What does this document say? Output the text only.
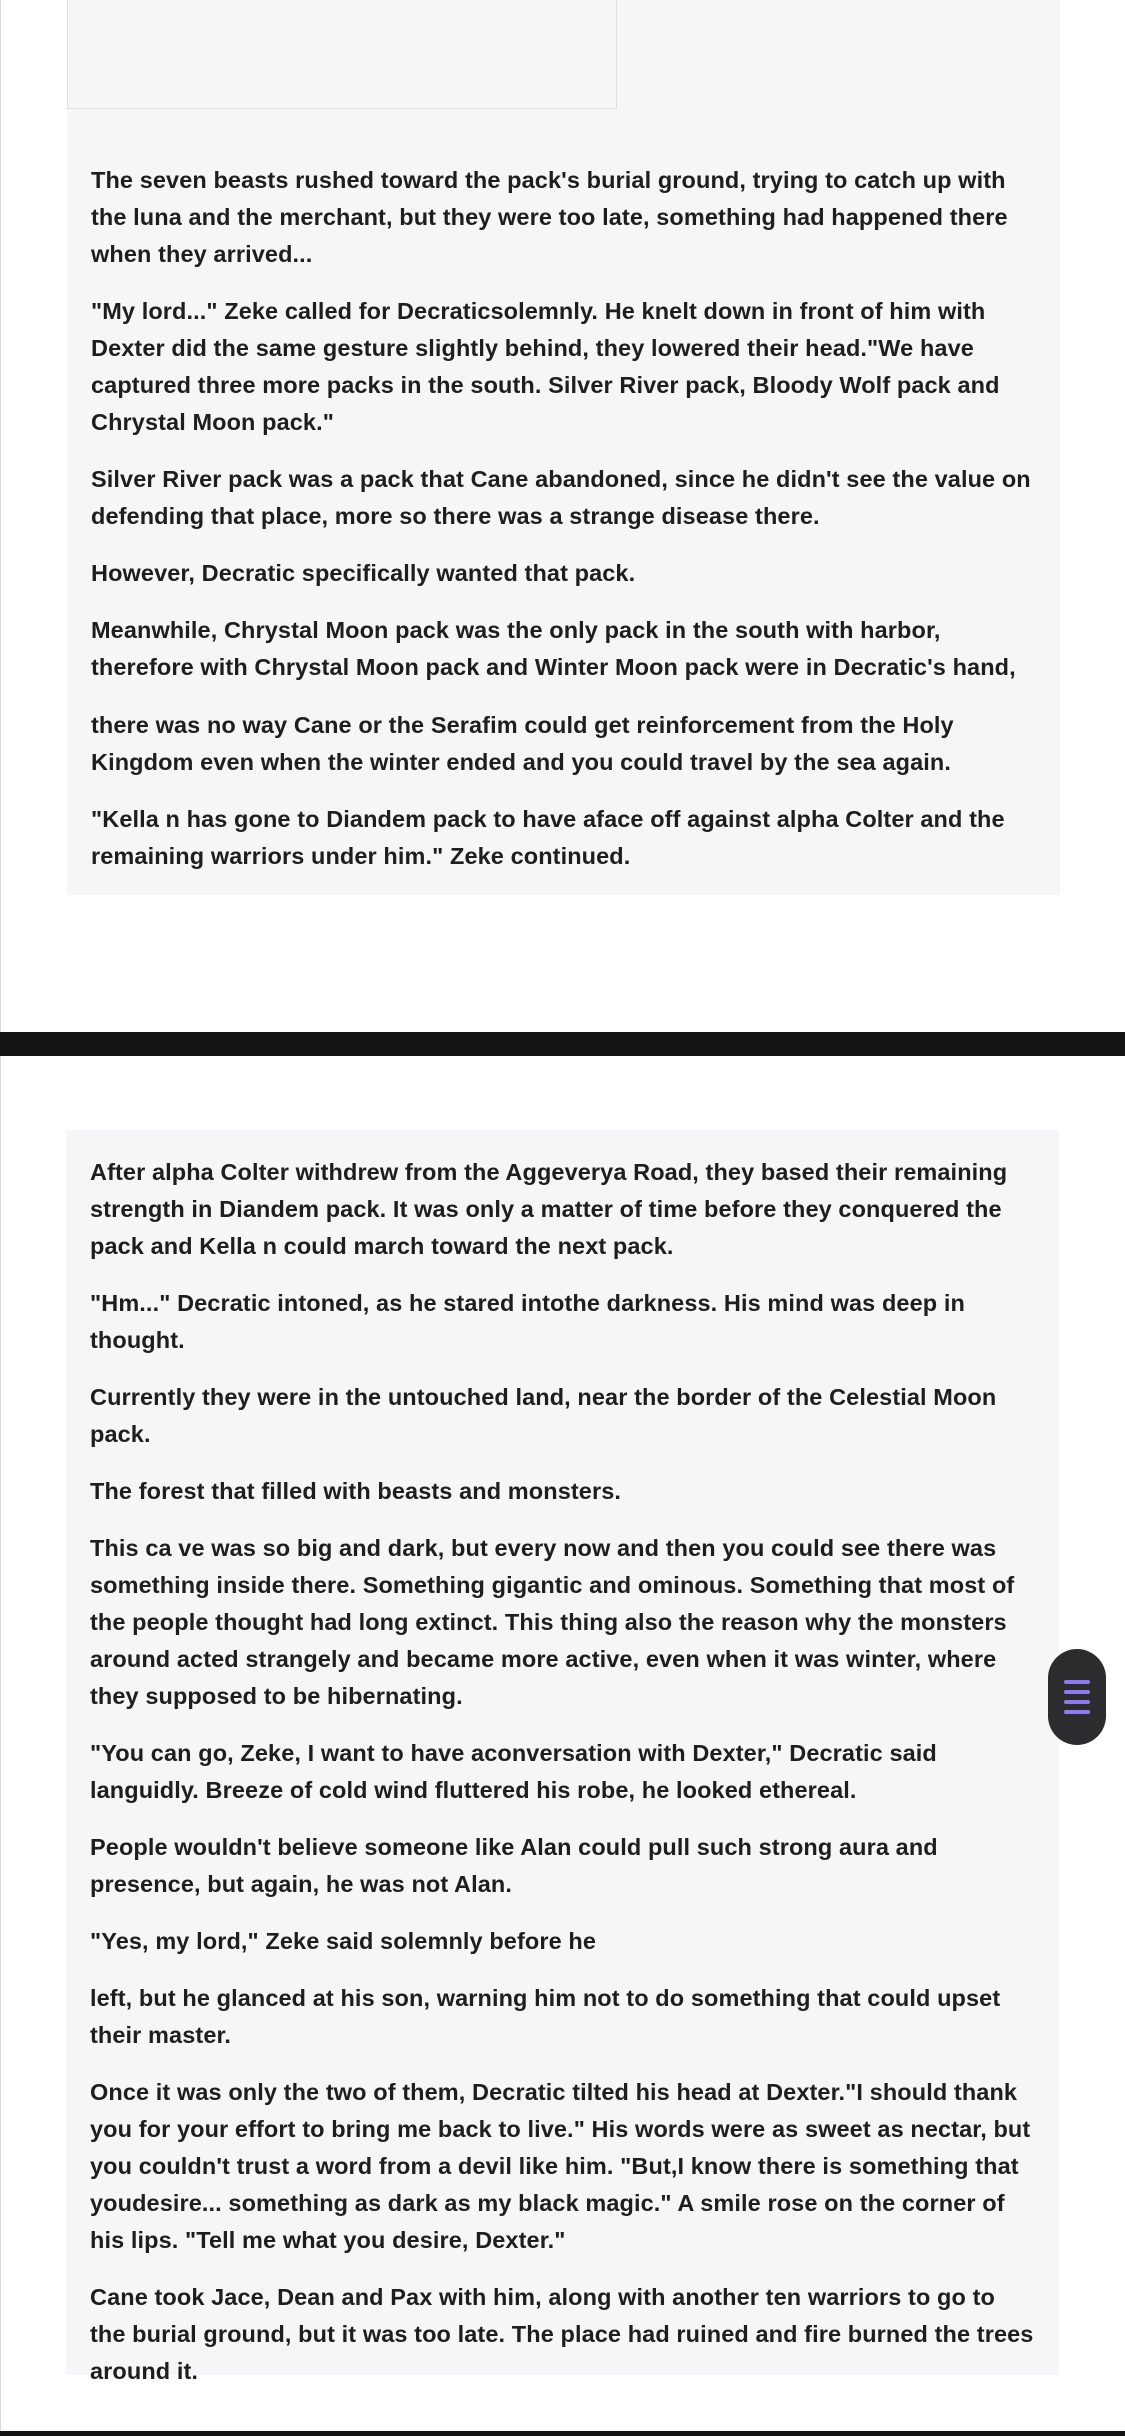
The seven beasts rushed toward the pack's burial ground, trying to catch up with the luna and the merchant, but they were too late, something had happened there when they arrived...

"My lord..." Zeke called for Decraticsolemnly. He knelt down in front of him with Dexter did the same gesture slightly behind, they lowered their head."We have captured three more packs in the south. Silver River pack, Bloody Wolf pack and Chrystal Moon pack."

Silver River pack was a pack that Cane abandoned, since he didn't see the value on defending that place, more so there was a strange disease there.

However, Decratic specifically wanted that pack.

Meanwhile, Chrystal Moon pack was the only pack in the south with harbor, therefore with Chrystal Moon pack and Winter Moon pack were in Decratic's hand,

there was no way Cane or the Serafim could get reinforcement from the Holy Kingdom even when the winter ended and you could travel by the sea again.

"Kella n has gone to Diandem pack to have aface off against alpha Colter and the remaining warriors under him." Zeke continued.

After alpha Colter withdrew from the Aggeverya Road, they based their remaining strength in Diandem pack. It was only a matter of time before they conquered the pack and Kella n could march toward the next pack.

"Hm..." Decratic intoned, as he stared intothe darkness. His mind was deep in thought.

Currently they were in the untouched land, near the border of the Celestial Moon pack.

The forest that filled with beasts and monsters.

This ca ve was so big and dark, but every now and then you could see there was something inside there. Something gigantic and ominous. Something that most of the people thought had long extinct. This thing also the reason why the monsters around acted strangely and became more active, even when it was winter, where they supposed to be hibernating.

"You can go, Zeke, I want to have aconversation with Dexter," Decratic said languidly. Breeze of cold wind fluttered his robe, he looked ethereal.

People wouldn't believe someone like Alan could pull such strong aura and presence, but again, he was not Alan.

"Yes, my lord," Zeke said solemnly before he

left, but he glanced at his son, warning him not to do something that could upset their master.

Once it was only the two of them, Decratic tilted his head at Dexter."I should thank you for your effort to bring me back to live." His words were as sweet as nectar, but you couldn't trust a word from a devil like him. "But,I know there is something that youdesire... something as dark as my black magic." A smile rose on the corner of his lips. "Tell me what you desire, Dexter."

Cane took Jace, Dean and Pax with him, along with another ten warriors to go to the burial ground, but it was too late. The place had ruined and fire burned the trees around it.
